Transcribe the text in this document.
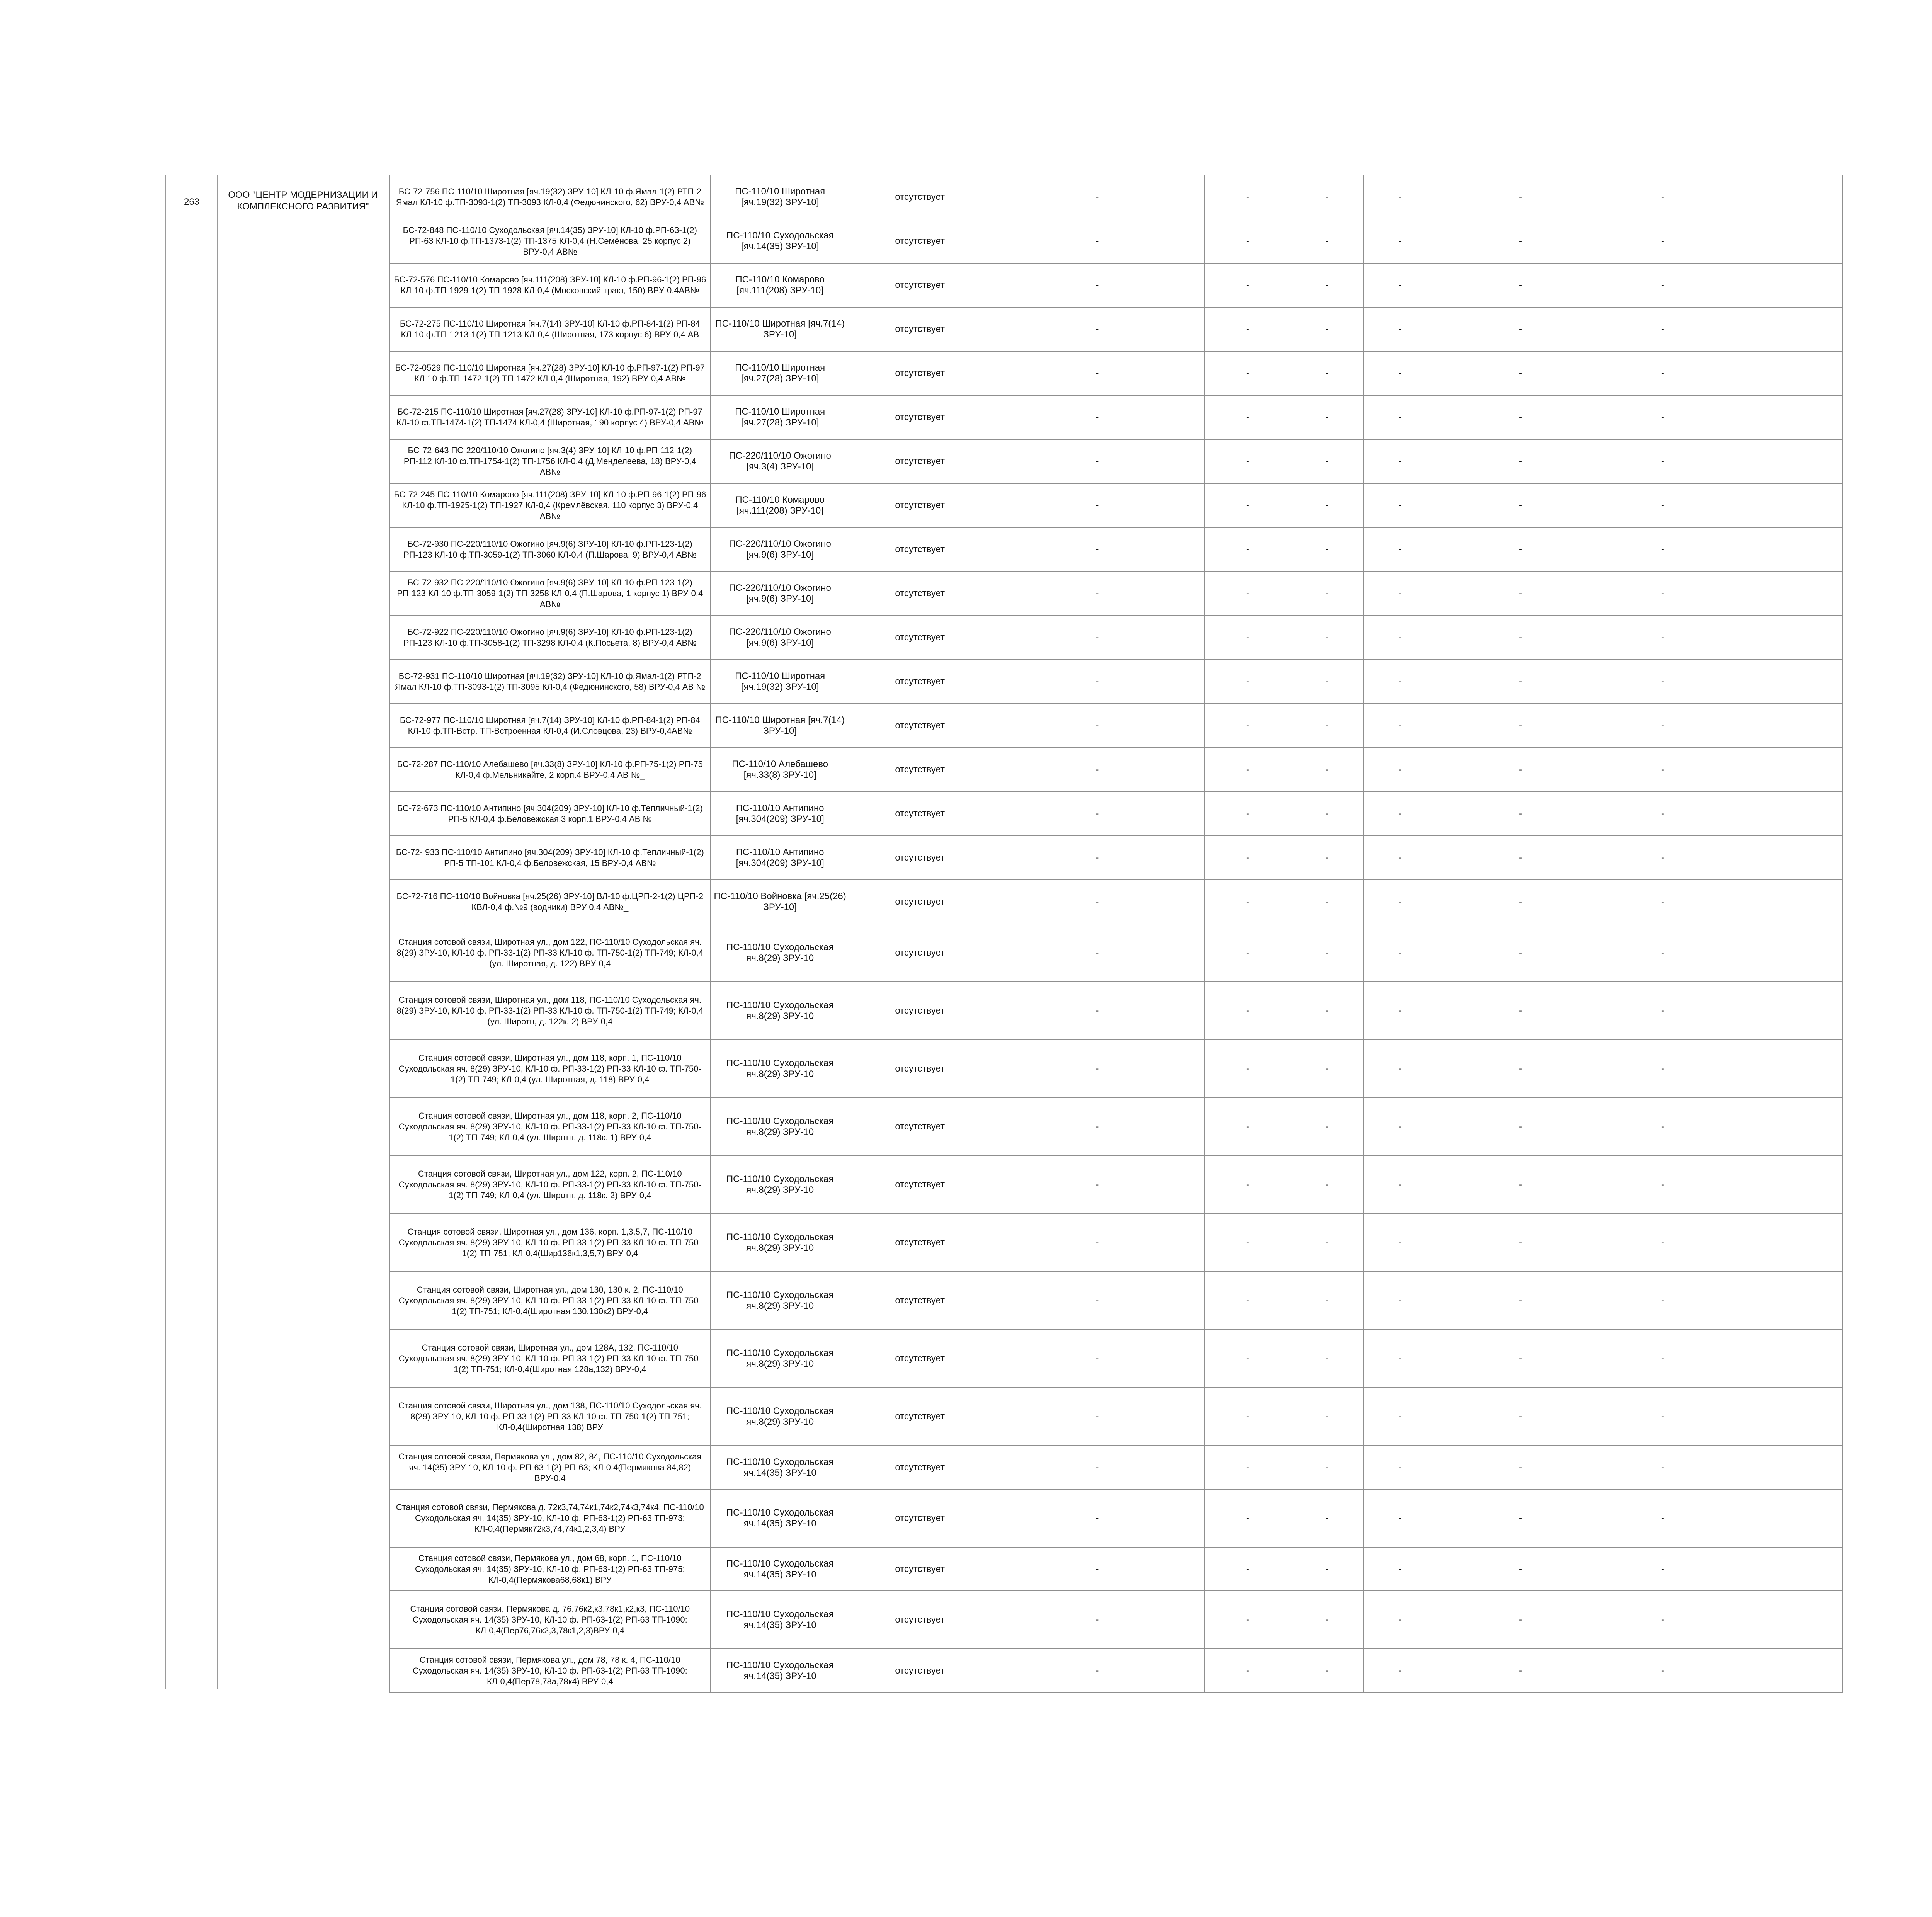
263
ООО "ЦЕНТР МОДЕРНИЗАЦИИ И КОМПЛЕКСНОГО РАЗВИТИЯ"
БС-72-756 ПС-110/10 Широтная [яч.19(32) ЗРУ-10] КЛ-10 ф.Ямал-1(2) РТП-2 Ямал КЛ-10 ф.ТП-3093-1(2) ТП-3093 КЛ-0,4 (Федюнинского, 62) ВРУ-0,4 АВ№	ПС-110/10 Широтная [яч.19(32) ЗРУ-10]	отсутствует	-	-	-	-	-	-	
БС-72-848 ПС-110/10 Суходольская [яч.14(35) ЗРУ-10] КЛ-10 ф.РП-63-1(2) РП-63 КЛ-10 ф.ТП-1373-1(2) ТП-1375 КЛ-0,4 (Н.Семёнова, 25 корпус 2) ВРУ-0,4 АВ№	ПС-110/10 Суходольская [яч.14(35) ЗРУ-10]	отсутствует	-	-	-	-	-	-	
БС-72-576 ПС-110/10 Комарово [яч.111(208) ЗРУ-10] КЛ-10 ф.РП-96-1(2) РП-96 КЛ-10 ф.ТП-1929-1(2) ТП-1928 КЛ-0,4 (Московский тракт, 150) ВРУ-0,4АВ№	ПС-110/10 Комарово [яч.111(208) ЗРУ-10]	отсутствует	-	-	-	-	-	-	
БС-72-275 ПС-110/10 Широтная [яч.7(14) ЗРУ-10] КЛ-10 ф.РП-84-1(2) РП-84 КЛ-10 ф.ТП-1213-1(2) ТП-1213 КЛ-0,4 (Широтная, 173 корпус 6) ВРУ-0,4 АВ	ПС-110/10 Широтная [яч.7(14) ЗРУ-10]	отсутствует	-	-	-	-	-	-	
БС-72-0529 ПС-110/10 Широтная [яч.27(28) ЗРУ-10] КЛ-10 ф.РП-97-1(2) РП-97 КЛ-10 ф.ТП-1472-1(2) ТП-1472 КЛ-0,4 (Широтная, 192) ВРУ-0,4 АВ№	ПС-110/10 Широтная [яч.27(28) ЗРУ-10]	отсутствует	-	-	-	-	-	-	
БС-72-215 ПС-110/10 Широтная [яч.27(28) ЗРУ-10] КЛ-10 ф.РП-97-1(2) РП-97 КЛ-10 ф.ТП-1474-1(2) ТП-1474 КЛ-0,4 (Широтная, 190 корпус 4) ВРУ-0,4 АВ№	ПС-110/10 Широтная [яч.27(28) ЗРУ-10]	отсутствует	-	-	-	-	-	-	
БС-72-643 ПС-220/110/10 Ожогино [яч.3(4) ЗРУ-10] КЛ-10 ф.РП-112-1(2) РП-112 КЛ-10 ф.ТП-1754-1(2) ТП-1756 КЛ-0,4 (Д.Менделеева, 18) ВРУ-0,4 АВ№	ПС-220/110/10 Ожогино [яч.3(4) ЗРУ-10]	отсутствует	-	-	-	-	-	-	
БС-72-245 ПС-110/10 Комарово [яч.111(208) ЗРУ-10] КЛ-10 ф.РП-96-1(2) РП-96 КЛ-10 ф.ТП-1925-1(2) ТП-1927 КЛ-0,4 (Кремлёвская, 110 корпус 3) ВРУ-0,4 АВ№	ПС-110/10 Комарово [яч.111(208) ЗРУ-10]	отсутствует	-	-	-	-	-	-	
БС-72-930 ПС-220/110/10 Ожогино [яч.9(6) ЗРУ-10] КЛ-10 ф.РП-123-1(2) РП-123 КЛ-10 ф.ТП-3059-1(2) ТП-3060 КЛ-0,4 (П.Шарова, 9) ВРУ-0,4 АВ№	ПС-220/110/10 Ожогино [яч.9(6) ЗРУ-10]	отсутствует	-	-	-	-	-	-	
БС-72-932 ПС-220/110/10 Ожогино [яч.9(6) ЗРУ-10] КЛ-10 ф.РП-123-1(2) РП-123 КЛ-10 ф.ТП-3059-1(2) ТП-3258 КЛ-0,4 (П.Шарова, 1 корпус 1) ВРУ-0,4 АВ№	ПС-220/110/10 Ожогино [яч.9(6) ЗРУ-10]	отсутствует	-	-	-	-	-	-	
БС-72-922 ПС-220/110/10 Ожогино [яч.9(6) ЗРУ-10] КЛ-10 ф.РП-123-1(2) РП-123 КЛ-10 ф.ТП-3058-1(2) ТП-3298 КЛ-0,4 (К.Посьета, 8) ВРУ-0,4 АВ№	ПС-220/110/10 Ожогино [яч.9(6) ЗРУ-10]	отсутствует	-	-	-	-	-	-	
БС-72-931 ПС-110/10 Широтная [яч.19(32) ЗРУ-10] КЛ-10 ф.Ямал-1(2) РТП-2 Ямал КЛ-10 ф.ТП-3093-1(2) ТП-3095 КЛ-0,4 (Федюнинского, 58) ВРУ-0,4 АВ №	ПС-110/10 Широтная [яч.19(32) ЗРУ-10]	отсутствует	-	-	-	-	-	-	
БС-72-977 ПС-110/10 Широтная [яч.7(14) ЗРУ-10] КЛ-10 ф.РП-84-1(2) РП-84 КЛ-10 ф.ТП-Встр. ТП-Встроенная КЛ-0,4 (И.Словцова, 23) ВРУ-0,4АВ№	ПС-110/10 Широтная [яч.7(14) ЗРУ-10]	отсутствует	-	-	-	-	-	-	
БС-72-287 ПС-110/10 Алебашево [яч.33(8) ЗРУ-10] КЛ-10 ф.РП-75-1(2) РП-75 КЛ-0,4 ф.Мельникайте, 2 корп.4 ВРУ-0,4 АВ №_	ПС-110/10 Алебашево [яч.33(8) ЗРУ-10]	отсутствует	-	-	-	-	-	-	
БС-72-673 ПС-110/10 Антипино [яч.304(209) ЗРУ-10] КЛ-10 ф.Тепличный-1(2) РП-5 КЛ-0,4 ф.Беловежская,3 корп.1 ВРУ-0,4 АВ №	ПС-110/10 Антипино [яч.304(209) ЗРУ-10]	отсутствует	-	-	-	-	-	-	
БС-72- 933 ПС-110/10 Антипино [яч.304(209) ЗРУ-10] КЛ-10 ф.Тепличный-1(2) РП-5 ТП-101 КЛ-0,4 ф.Беловежская, 15 ВРУ-0,4 АВ№	ПС-110/10 Антипино [яч.304(209) ЗРУ-10]	отсутствует	-	-	-	-	-	-	
БС-72-716 ПС-110/10 Войновка [яч.25(26) ЗРУ-10] ВЛ-10 ф.ЦРП-2-1(2) ЦРП-2 КВЛ-0,4 ф.№9 (водники) ВРУ 0,4 АВ№_	ПС-110/10 Войновка [яч.25(26) ЗРУ-10]	отсутствует	-	-	-	-	-	-	
Станция сотовой связи, Широтная ул., дом 122, ПС-110/10 Суходольская яч. 8(29) ЗРУ-10, КЛ-10 ф. РП-33-1(2) РП-33 КЛ-10 ф. ТП-750-1(2) ТП-749; КЛ-0,4 (ул. Широтная, д. 122) ВРУ-0,4	ПС-110/10 Суходольская яч.8(29) ЗРУ-10	отсутствует	-	-	-	-	-	-	
Станция сотовой связи, Широтная ул., дом 118, ПС-110/10 Суходольская яч. 8(29) ЗРУ-10, КЛ-10 ф. РП-33-1(2) РП-33 КЛ-10 ф. ТП-750-1(2) ТП-749; КЛ-0,4 (ул. Широтн, д. 122к. 2) ВРУ-0,4	ПС-110/10 Суходольская яч.8(29) ЗРУ-10	отсутствует	-	-	-	-	-	-	
Станция сотовой связи, Широтная ул., дом 118, корп. 1, ПС-110/10 Суходольская яч. 8(29) ЗРУ-10, КЛ-10 ф. РП-33-1(2) РП-33 КЛ-10 ф. ТП-750-1(2) ТП-749; КЛ-0,4 (ул. Широтная, д. 118) ВРУ-0,4	ПС-110/10 Суходольская яч.8(29) ЗРУ-10	отсутствует	-	-	-	-	-	-	
Станция сотовой связи, Широтная ул., дом 118, корп. 2, ПС-110/10 Суходольская яч. 8(29) ЗРУ-10, КЛ-10 ф. РП-33-1(2) РП-33 КЛ-10 ф. ТП-750-1(2) ТП-749; КЛ-0,4 (ул. Широтн, д. 118к. 1) ВРУ-0,4	ПС-110/10 Суходольская яч.8(29) ЗРУ-10	отсутствует	-	-	-	-	-	-	
Станция сотовой связи, Широтная ул., дом 122, корп. 2, ПС-110/10 Суходольская яч. 8(29) ЗРУ-10, КЛ-10 ф. РП-33-1(2) РП-33 КЛ-10 ф. ТП-750-1(2) ТП-749; КЛ-0,4 (ул. Широтн, д. 118к. 2) ВРУ-0,4	ПС-110/10 Суходольская яч.8(29) ЗРУ-10	отсутствует	-	-	-	-	-	-	
Станция сотовой связи, Широтная ул., дом 136, корп. 1,3,5,7, ПС-110/10 Суходольская яч. 8(29) ЗРУ-10, КЛ-10 ф. РП-33-1(2) РП-33 КЛ-10 ф. ТП-750-1(2) ТП-751; КЛ-0,4(Шир136к1,3,5,7) ВРУ-0,4	ПС-110/10 Суходольская яч.8(29) ЗРУ-10	отсутствует	-	-	-	-	-	-	
Станция сотовой связи, Широтная ул., дом 130, 130 к. 2, ПС-110/10 Суходольская яч. 8(29) ЗРУ-10, КЛ-10 ф. РП-33-1(2) РП-33 КЛ-10 ф. ТП-750-1(2) ТП-751; КЛ-0,4(Широтная 130,130к2) ВРУ-0,4	ПС-110/10 Суходольская яч.8(29) ЗРУ-10	отсутствует	-	-	-	-	-	-	
Станция сотовой связи, Широтная ул., дом 128А, 132, ПС-110/10 Суходольская яч. 8(29) ЗРУ-10, КЛ-10 ф. РП-33-1(2) РП-33 КЛ-10 ф. ТП-750-1(2) ТП-751; КЛ-0,4(Широтная 128а,132) ВРУ-0,4	ПС-110/10 Суходольская яч.8(29) ЗРУ-10	отсутствует	-	-	-	-	-	-	
Станция сотовой связи, Широтная ул., дом 138, ПС-110/10 Суходольская яч. 8(29) ЗРУ-10, КЛ-10 ф. РП-33-1(2) РП-33 КЛ-10 ф. ТП-750-1(2) ТП-751; КЛ-0,4(Широтная 138) ВРУ	ПС-110/10 Суходольская яч.8(29) ЗРУ-10	отсутствует	-	-	-	-	-	-	
Станция сотовой связи, Пермякова ул., дом 82, 84, ПС-110/10 Суходольская яч. 14(35) ЗРУ-10, КЛ-10 ф. РП-63-1(2) РП-63; КЛ-0,4(Пермякова 84,82) ВРУ-0,4	ПС-110/10 Суходольская яч.14(35) ЗРУ-10	отсутствует	-	-	-	-	-	-	
Станция сотовой связи, Пермякова д. 72к3,74,74к1,74к2,74к3,74к4, ПС-110/10 Суходольская яч. 14(35) ЗРУ-10, КЛ-10 ф. РП-63-1(2) РП-63 ТП-973; КЛ-0,4(Пермяк72к3,74,74к1,2,3,4) ВРУ	ПС-110/10 Суходольская яч.14(35) ЗРУ-10	отсутствует	-	-	-	-	-	-	
Станция сотовой связи, Пермякова ул., дом 68, корп. 1, ПС-110/10 Суходольская яч. 14(35) ЗРУ-10, КЛ-10 ф. РП-63-1(2) РП-63 ТП-975: КЛ-0,4(Пермякова68,68к1) ВРУ	ПС-110/10 Суходольская яч.14(35) ЗРУ-10	отсутствует	-	-	-	-	-	-	
Станция сотовой связи, Пермякова д. 76,76к2,к3,78к1,к2,к3, ПС-110/10 Суходольская яч. 14(35) ЗРУ-10, КЛ-10 ф. РП-63-1(2) РП-63 ТП-1090: КЛ-0,4(Пер76,76к2,3,78к1,2,3)ВРУ-0,4	ПС-110/10 Суходольская яч.14(35) ЗРУ-10	отсутствует	-	-	-	-	-	-	
Станция сотовой связи, Пермякова ул., дом 78, 78 к. 4, ПС-110/10 Суходольская яч. 14(35) ЗРУ-10, КЛ-10 ф. РП-63-1(2) РП-63 ТП-1090: КЛ-0,4(Пер78,78а,78к4) ВРУ-0,4	ПС-110/10 Суходольская яч.14(35) ЗРУ-10	отсутствует	-	-	-	-	-	-	
